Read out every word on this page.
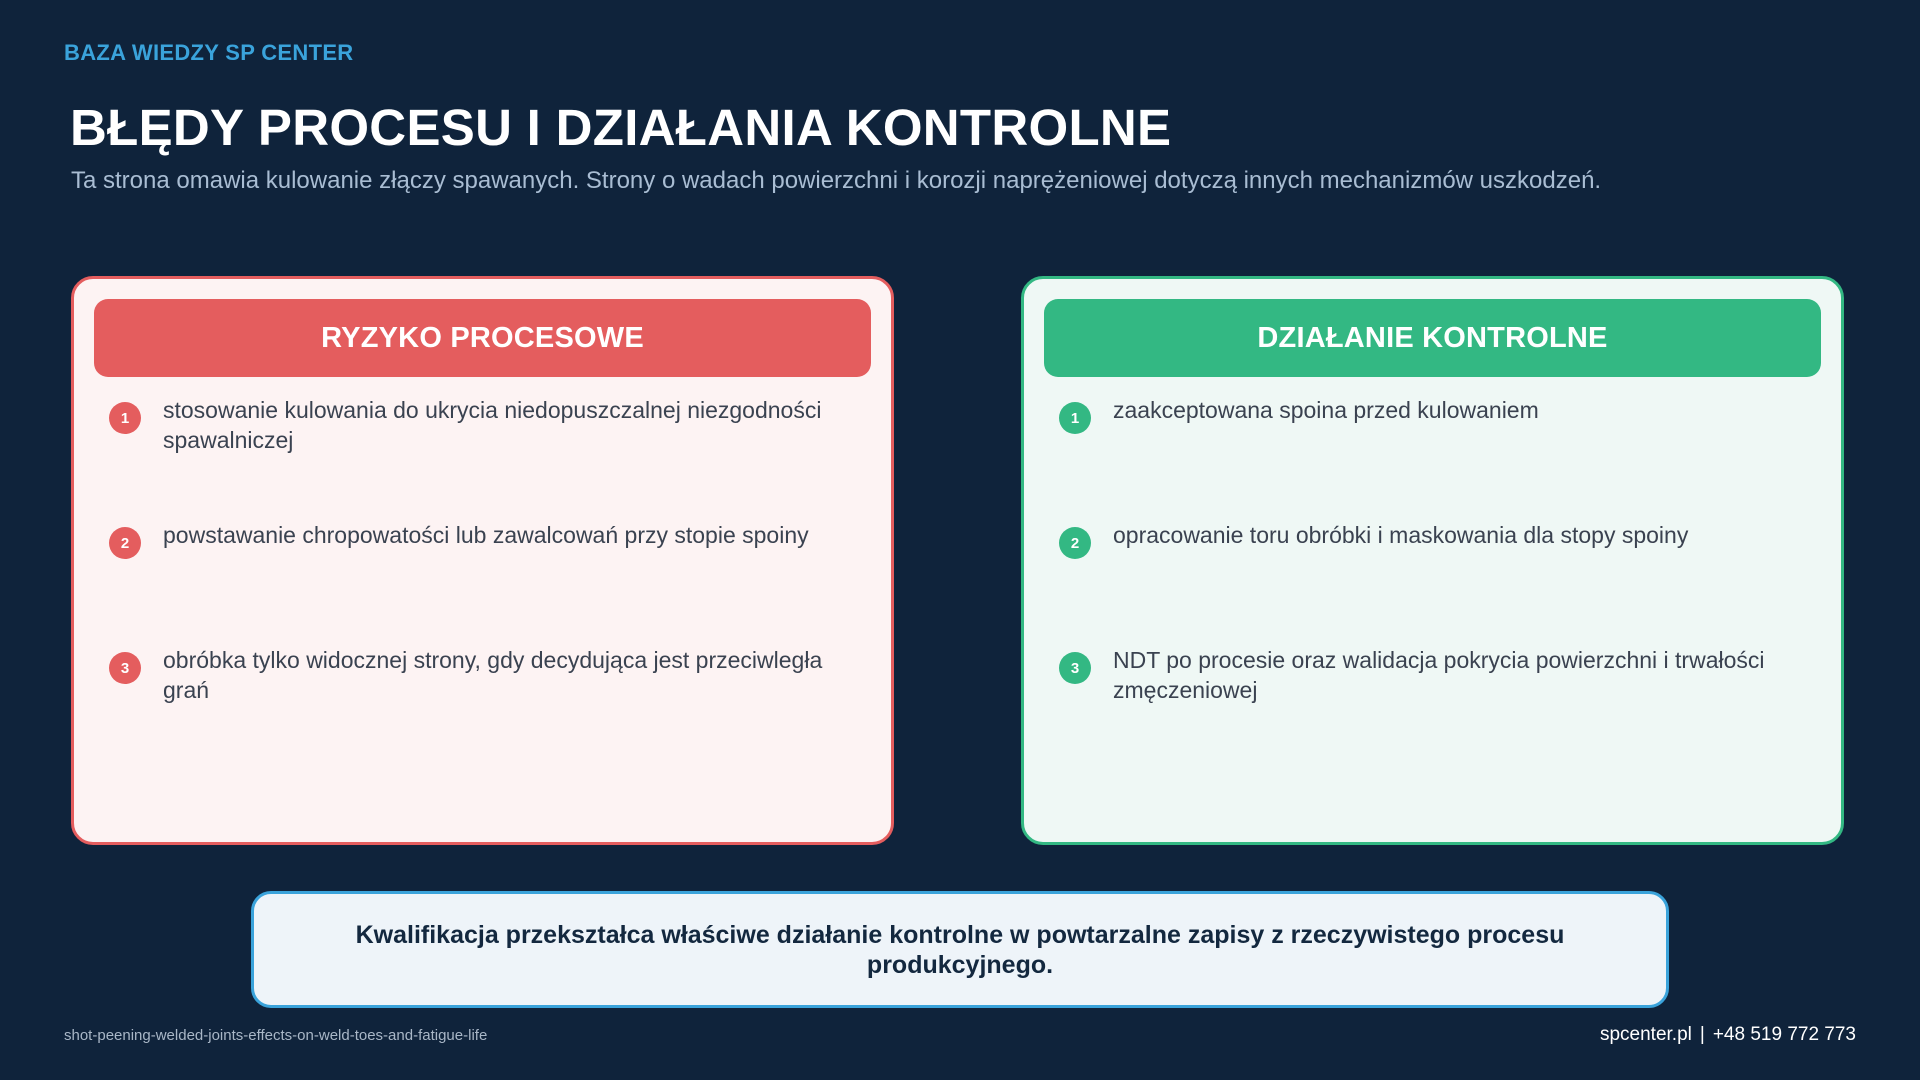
BAZA WIEDZY SP CENTER
BŁĘDY PROCESU I DZIAŁANIA KONTROLNE

Ta strona omawia kulowanie złączy spawanych. Strony o wadach powierzchni i korozji naprężeniowej dotyczą innych mechanizmów uszkodzeń.

RYZYKO PROCESOWE
1	stosowanie kulowania do ukrycia niedopuszczalnej niezgodności spawalniczej
2	powstawanie chropowatości lub zawalcowań przy stopie spoiny
3	obróbka tylko widocznej strony, gdy decydująca jest przeciwległa grań
DZIAŁANIE KONTROLNE
1	zaakceptowana spoina przed kulowaniem
2	opracowanie toru obróbki i maskowania dla stopy spoiny
3	NDT po procesie oraz walidacja pokrycia powierzchni i trwałości zmęczeniowej
Kwalifikacja przekształca właściwe działanie kontrolne w powtarzalne zapisy z rzeczywistego procesu produkcyjnego.
shot-peening-welded-joints-effects-on-weld-toes-and-fatigue-life	spcenter.pl | +48 519 772 773
